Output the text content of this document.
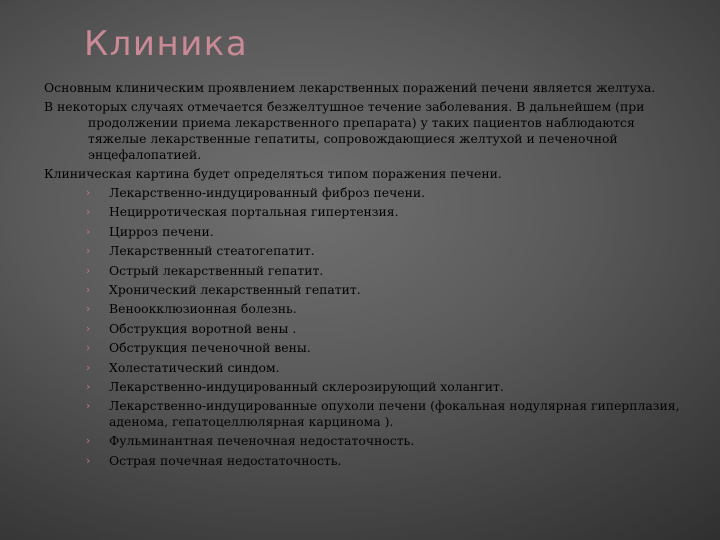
Клиника

Основным клиническим проявлением лекарственных поражений печени является желтуха.

В некоторых случаях отмечается безжелтушное течение заболевания. В дальнейшем (при продолжении приема лекарственного препарата) у таких пациентов наблюдаются тяжелые лекарственные гепатиты, сопровождающиеся желтухой и печеночной энцефалопатией.

Клиническая картина будет определяться типом поражения печени.

›	Лекарственно-индуцированный фиброз печени.
›	Нецирротическая портальная гипертензия.
›	Цирроз печени.
›	Лекарственный стеатогепатит.
›	Острый лекарственный гепатит.
›	Хронический лекарственный гепатит.
›	Веноокклюзионная болезнь.
›	Обструкция воротной вены .
›	Обструкция печеночной вены.
›	Холестатический синдом.
›	Лекарственно-индуцированный склерозирующий холангит.
›	Лекарственно-индуцированные опухоли печени (фокальная нодулярная гиперплазия, аденома, гепатоцеллюлярная карцинома ).
›	Фульминантная печеночная недостаточность.
›	Острая почечная недостаточность.
